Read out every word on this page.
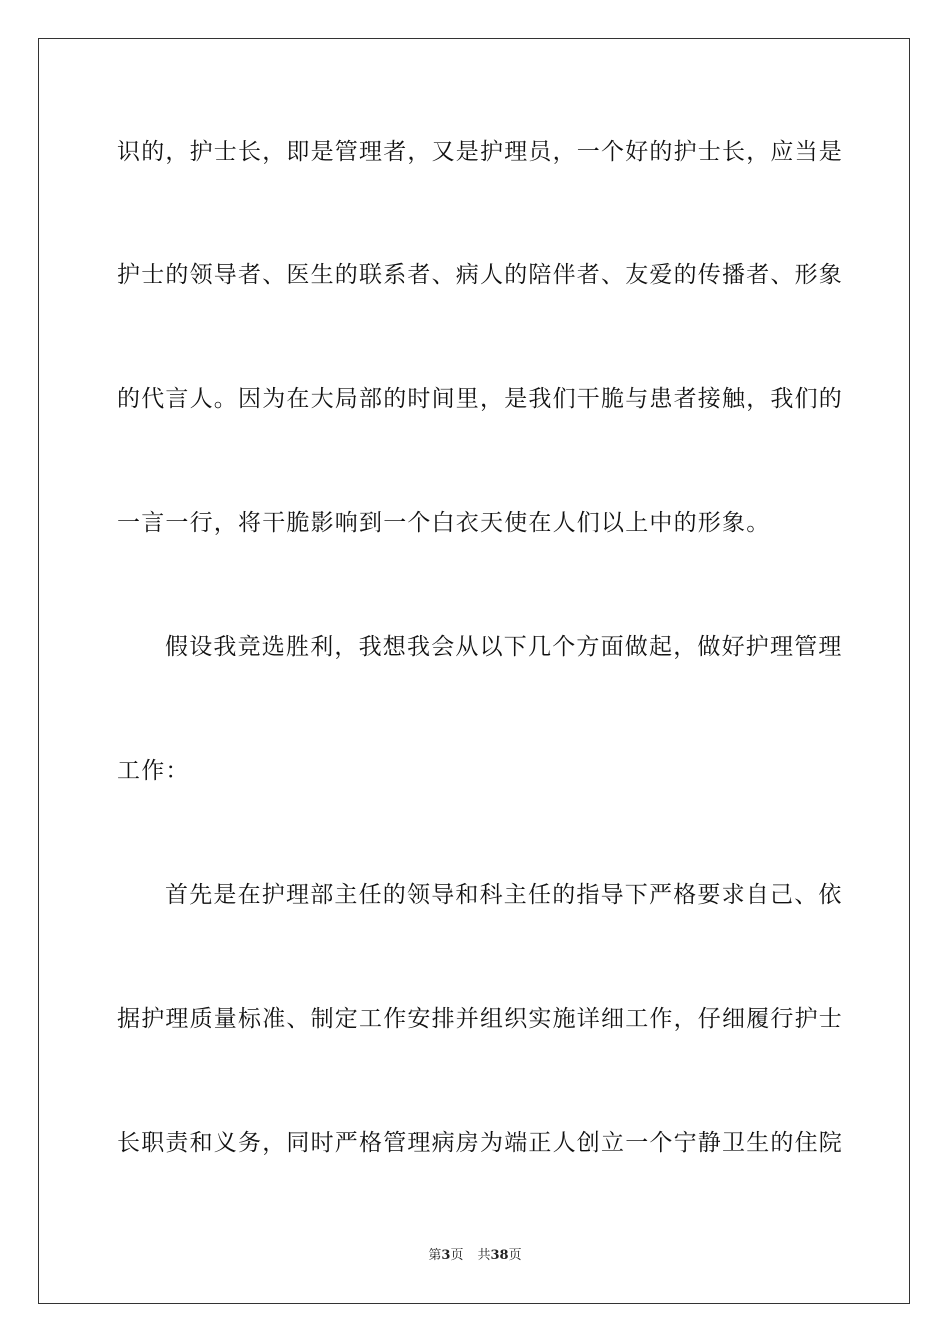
识的，护士长，即是管理者，又是护理员，一个好的护士长，应当是
护士的领导者、医生的联系者、病人的陪伴者、友爱的传播者、形象
的代言人。因为在大局部的时间里，是我们干脆与患者接触，我们的
一言一行，将干脆影响到一个白衣天使在人们以上中的形象。
假设我竞选胜利，我想我会从以下几个方面做起，做好护理管理
工作：
首先是在护理部主任的领导和科主任的指导下严格要求自己、依
据护理质量标准、制定工作安排并组织实施详细工作，仔细履行护士
长职责和义务，同时严格管理病房为端正人创立一个宁静卫生的住院
第3页 共38页
